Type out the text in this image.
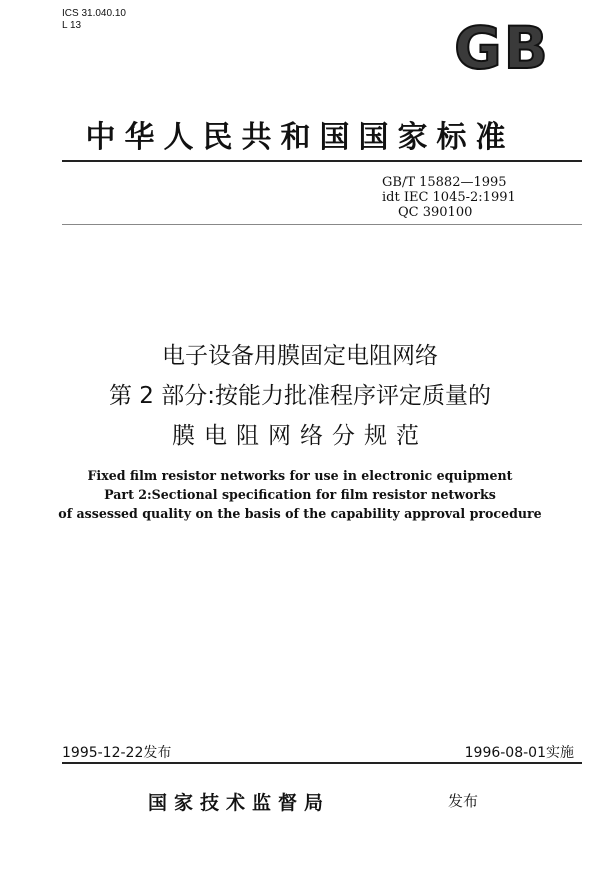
ICS 31.040.10
L 13	GB
中华人民共和国国家标准
GB/T 15882—1995
idt IEC 1045-2:1991
QC 390100
电子设备用膜固定电阻网络
第 2 部分:按能力批准程序评定质量的
膜电阻网络分规范
Fixed film resistor networks for use in electronic equipment
Part 2:Sectional specification for film resistor networks
of assessed quality on the basis of the capability approval procedure
1995-12-22发布	1996-08-01实施
国家技术监督局	发布
